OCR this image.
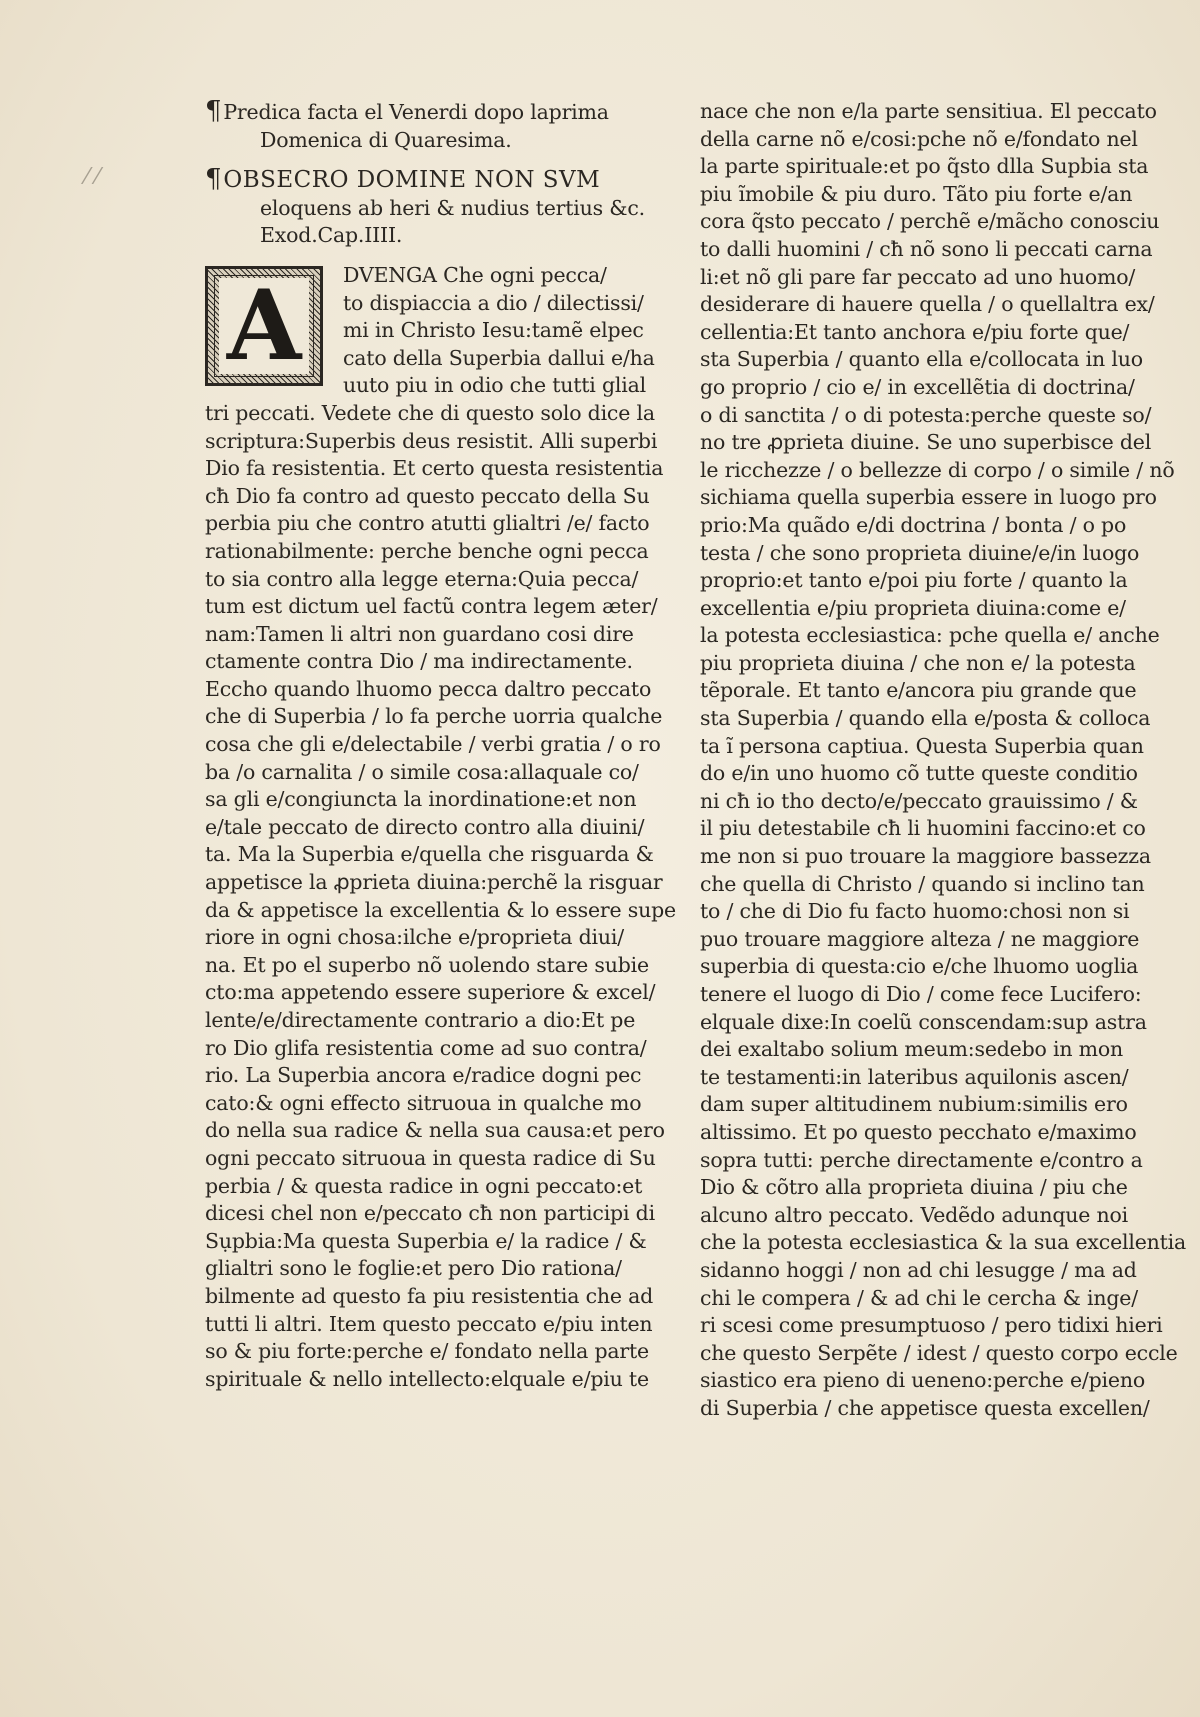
⁄ ⁄

¶Predica facta el Venerdi dopo laprima

Domenica di Quaresima.

¶OBSECRO DOMINE NON SVM

eloquens ab heri & nudius tertius &c.

Exod.Cap.IIII.

A	DVENGA Che ogni pecca/

to dispiaccia a dio / dilectissi/

mi in Christo Iesu:tamẽ elpec

cato della Superbia dallui e/ha

uuto piu in odio che tutti glial

tri peccati. Vedete che di questo solo dice la

scriptura:Superbis deus resistit. Alli superbi

Dio fa resistentia. Et certo questa resistentia

cħ Dio fa contro ad questo peccato della Su

perbia piu che contro atutti glialtri /e/ facto

rationabilmente: perche benche ogni pecca

to sia contro alla legge eterna:Quia pecca/

tum est dictum uel factũ contra legem æter/

nam:Tamen li altri non guardano cosi dire

ctamente contra Dio / ma indirectamente.

Eccho quando lhuomo pecca daltro peccato

che di Superbia / lo fa perche uorria qualche

cosa che gli e/delectabile / verbi gratia / o ro

ba /o carnalita / o simile cosa:allaquale co/

sa gli e/congiuncta la inordinatione:et non

e/tale peccato de directo contro alla diuini/

ta. Ma la Superbia e/quella che risguarda &

appetisce la ꝓprieta diuina:perchẽ la risguar

da & appetisce la excellentia & lo essere supe

riore in ogni chosa:ilche e/proprieta diui/

na. Et po el superbo nõ uolendo stare subie

cto:ma appetendo essere superiore & excel/

lente/e/directamente contrario a dio:Et pe

ro Dio glifa resistentia come ad suo contra/

rio. La Superbia ancora e/radice dogni pec

cato:& ogni effecto sitruoua in qualche mo

do nella sua radice & nella sua causa:et pero

ogni peccato sitruoua in questa radice di Su

perbia / & questa radice in ogni peccato:et

dicesi chel non e/peccato cħ non participi di

Sụpbia:Ma questa Superbia e/ la radice / &

glialtri sono le foglie:et pero Dio rationa/

bilmente ad questo fa piu resistentia che ad

tutti li altri. Item questo peccato e/piu inten

so & piu forte:perche e/ fondato nella parte

spirituale & nello intellecto:elquale e/piu te

nace che non e/la parte sensitiua. El peccato

della carne nõ e/cosi:pche nõ e/fondato nel

la parte spirituale:et po q̃sto dlla Supbia sta

piu ĩmobile & piu duro. Tãto piu forte e/an

cora q̃sto peccato / perchẽ e/mãcho conosciu

to dalli huomini / cħ nõ sono li peccati carna

li:et nõ gli pare far peccato ad uno huomo/

desiderare di hauere quella / o quellaltra ex/

cellentia:Et tanto anchora e/piu forte que/

sta Superbia / quanto ella e/collocata in luo

go proprio / cio e/ in excellẽtia di doctrina/

o di sanctita / o di potesta:perche queste so/

no tre ꝓprieta diuine. Se uno superbisce del

le ricchezze / o bellezze di corpo / o simile / nõ

sichiama quella superbia essere in luogo pro

prio:Ma quãdo e/di doctrina / bonta / o po

testa / che sono proprieta diuine/e/in luogo

proprio:et tanto e/poi piu forte / quanto la

excellentia e/piu proprieta diuina:come e/

la potesta ecclesiastica: pche quella e/ anche

piu proprieta diuina / che non e/ la potesta

tẽporale. Et tanto e/ancora piu grande que

sta Superbia / quando ella e/posta & colloca

ta ĩ persona captiua. Questa Superbia quan

do e/in uno huomo cõ tutte queste conditio

ni cħ io tho decto/e/peccato grauissimo / &

il piu detestabile cħ li huomini faccino:et co

me non si puo trouare la maggiore bassezza

che quella di Christo / quando si inclino tan

to / che di Dio fu facto huomo:chosi non si

puo trouare maggiore alteza / ne maggiore

superbia di questa:cio e/che lhuomo uoglia

tenere el luogo di Dio / come fece Lucifero:

elquale dixe:In coelũ conscendam:sup astra

dei exaltabo solium meum:sedebo in mon

te testamenti:in lateribus aquilonis ascen/

dam super altitudinem nubium:similis ero

altissimo. Et po questo pecchato e/maximo

sopra tutti: perche directamente e/contro a

Dio & cõtro alla proprieta diuina / piu che

alcuno altro peccato. Vedẽdo adunque noi

che la potesta ecclesiastica & la sua excellentia

sidanno hoggi / non ad chi lesugge / ma ad

chi le compera / & ad chi le cercha & inge/

ri scesi come presumptuoso / pero tidixi hieri

che questo Serpẽte / idest / questo corpo eccle

siastico era pieno di ueneno:perche e/pieno

di Superbia / che appetisce questa excellen/
